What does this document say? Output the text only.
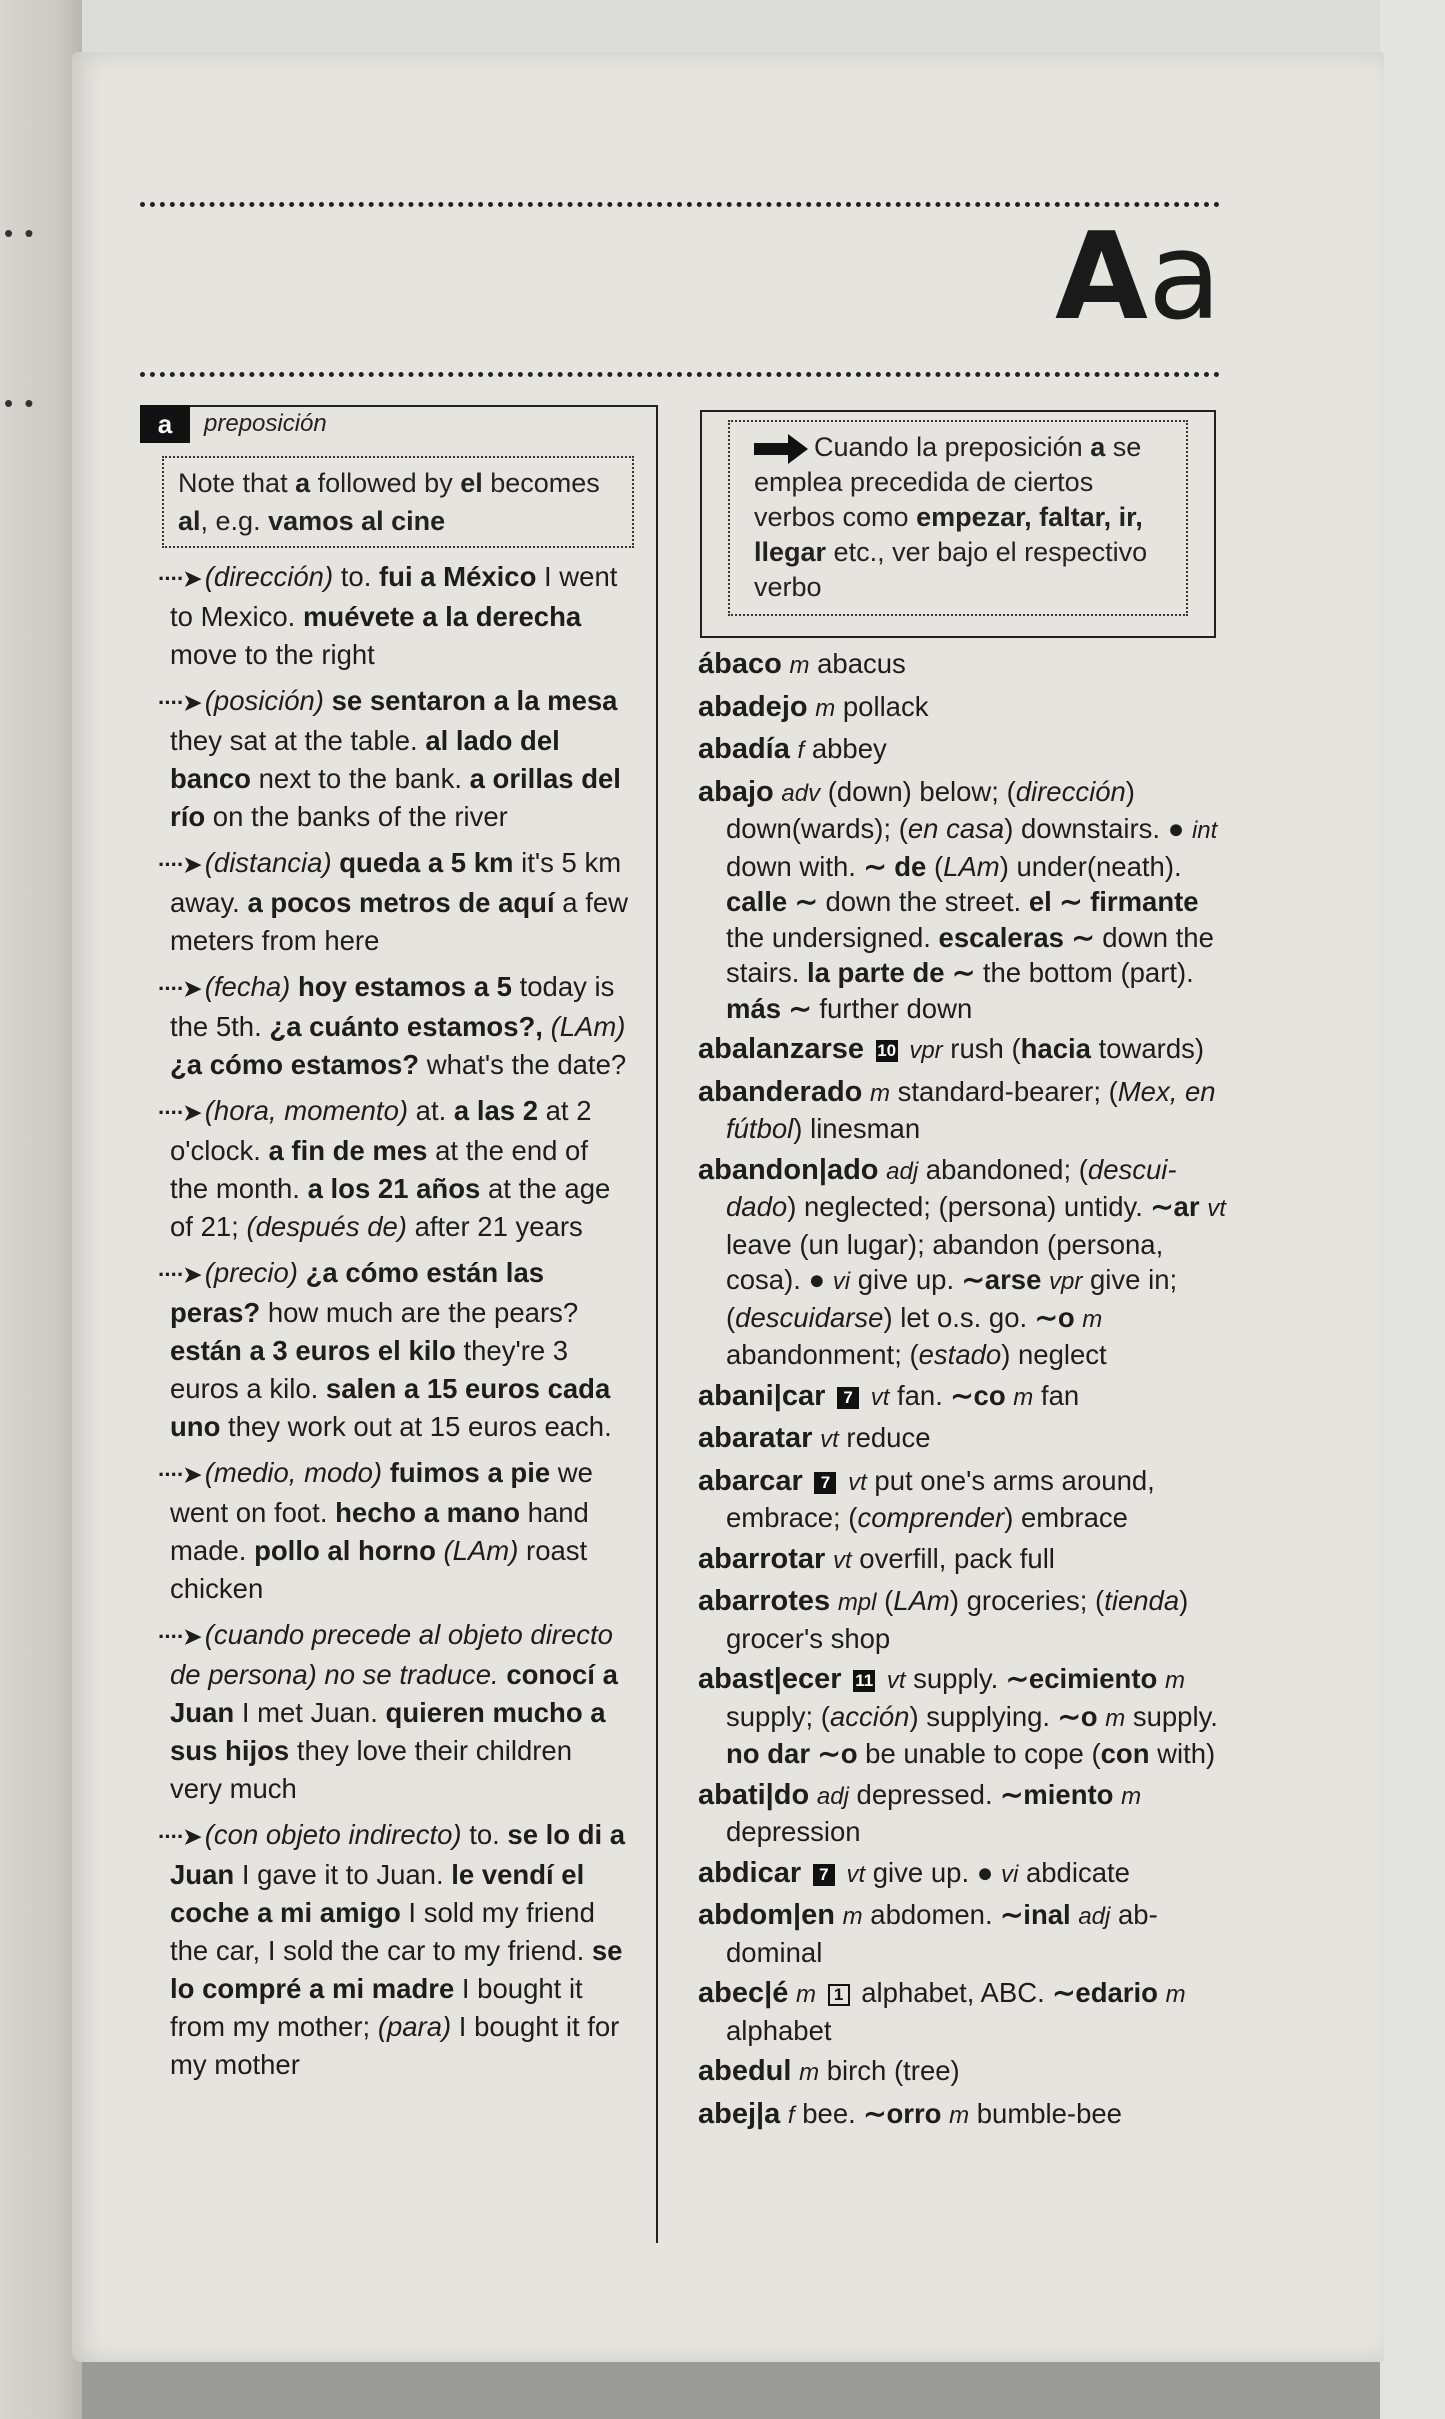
• •
• •
Aa
a	preposición
Note that a followed by el becomes al, e.g. vamos al cine
····➤ (dirección) to. fui a México I went to Mexico. muévete a la derecha move to the right
····➤ (posición) se sentaron a la mesa they sat at the table. al lado del banco next to the bank. a orillas del río on the banks of the river
····➤ (distancia) queda a 5 km it's 5 km away. a pocos metros de aquí a few meters from here
····➤ (fecha) hoy estamos a 5 today is the 5th. ¿a cuánto estamos?, (LAm) ¿a cómo estamos? what's the date?
····➤ (hora, momento) at. a las 2 at 2 o'clock. a fin de mes at the end of the month. a los 21 años at the age of 21; (después de) after 21 years
····➤ (precio) ¿a cómo están las peras? how much are the pears? están a 3 euros el kilo they're 3 euros a kilo. salen a 15 euros cada uno they work out at 15 euros each.
····➤ (medio, modo) fuimos a pie we went on foot. hecho a mano hand made. pollo al horno (LAm) roast chicken
····➤ (cuando precede al objeto directo de persona) no se traduce. conocí a Juan I met Juan. quieren mucho a sus hijos they love their children very much
····➤ (con objeto indirecto) to. se lo di a Juan I gave it to Juan. le vendí el coche a mi amigo I sold my friend the car, I sold the car to my friend. se lo compré a mi madre I bought it from my mother; (para) I bought it for my mother
Cuando la preposición a se emplea precedida de ciertos verbos como empezar, faltar, ir, llegar etc., ver bajo el respectivo verbo
ábaco m abacus
abadejo m pollack
abadía f abbey
abajo adv (down) below; (dirección) down(wards); (en casa) downstairs. ● int down with. ∼ de (LAm) under(neath). calle ∼ down the street. el ∼ firmante the undersigned. escaleras ∼ down the stairs. la parte de ∼ the bottom (part). más ∼ further down
abalanzarse 10 vpr rush (hacia towards)
abanderado m standard-bearer; (Mex, en fútbol) linesman
abandon|ado adj abandoned; (descuidado) neglected; (persona) untidy. ∼ar vt leave (un lugar); abandon (persona, cosa). ● vi give up. ∼arse vpr give in; (descuidarse) let o.s. go. ∼o m abandonment; (estado) neglect
abani|car 7 vt fan. ∼co m fan
abaratar vt reduce
abarcar 7 vt put one's arms around, embrace; (comprender) embrace
abarrotar vt overfill, pack full
abarrotes mpl (LAm) groceries; (tienda) grocer's shop
abast|ecer 11 vt supply. ∼ecimiento m supply; (acción) supplying. ∼o m supply. no dar ∼o be unable to cope (con with)
abati|do adj depressed. ∼miento m depression
abdicar 7 vt give up. ● vi abdicate
abdom|en m abdomen. ∼inal adj abdominal
abec|é m 1 alphabet, ABC. ∼edario m alphabet
abedul m birch (tree)
abej|a f bee. ∼orro m bumble-bee
